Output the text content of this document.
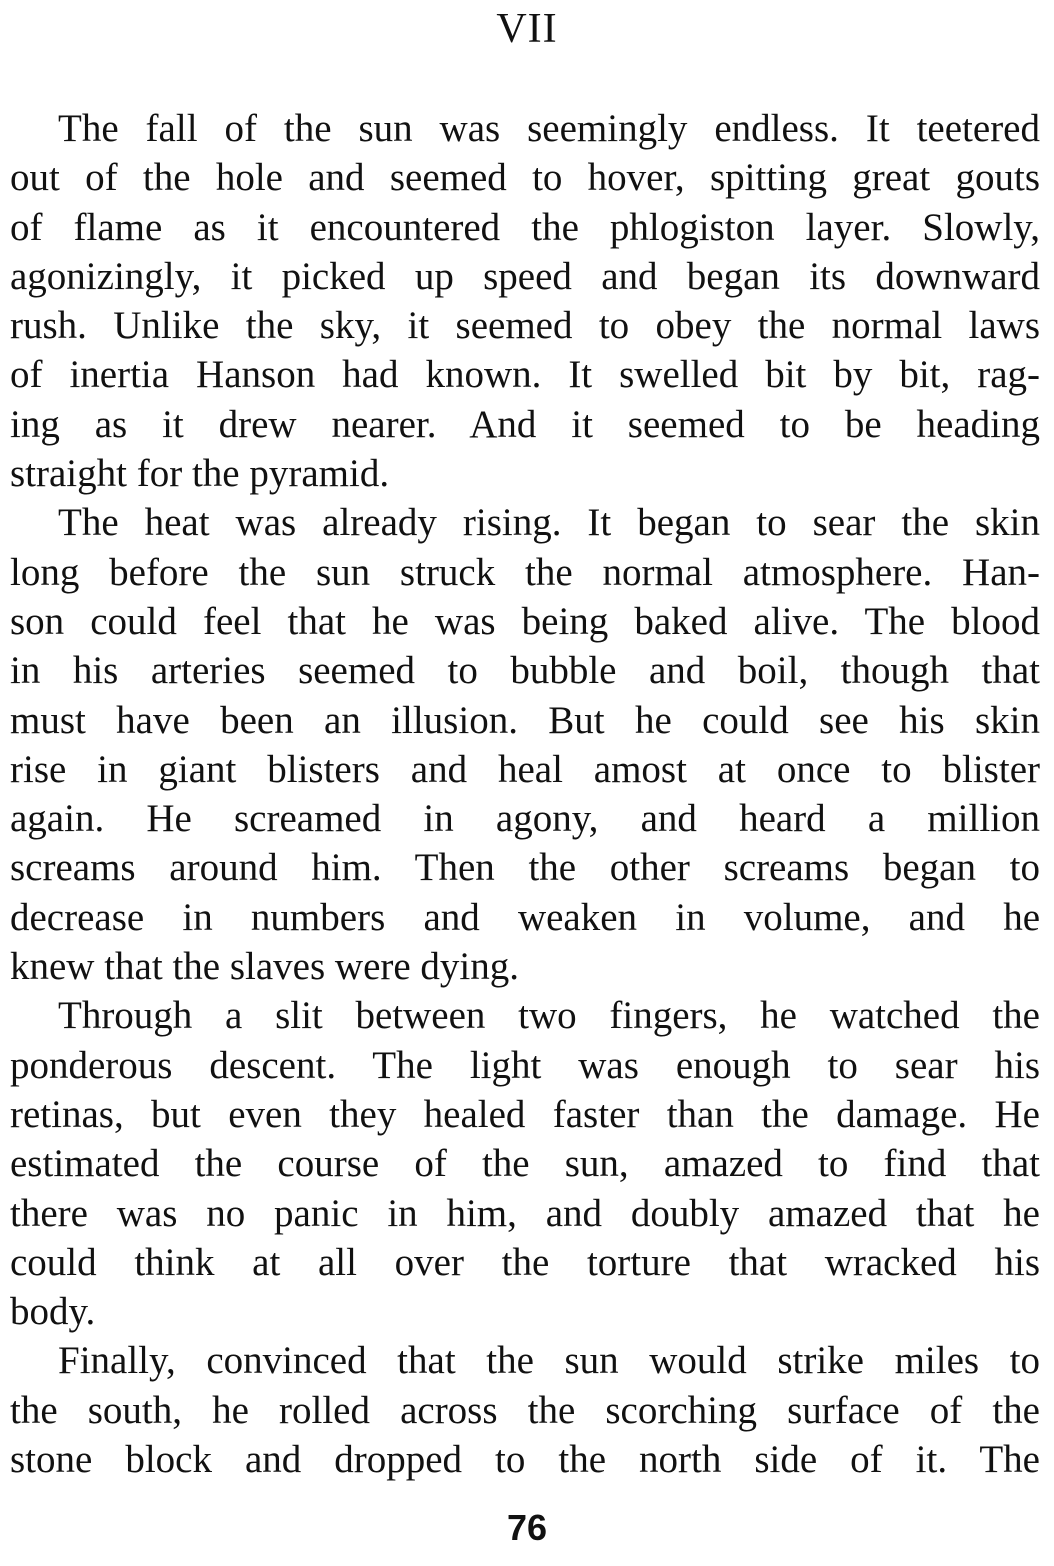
VII
The fall of the sun was seemingly endless. It teetered
out of the hole and seemed to hover, spitting great gouts
of flame as it encountered the phlogiston layer. Slowly,
agonizingly, it picked up speed and began its downward
rush. Unlike the sky, it seemed to obey the normal laws
of inertia Hanson had known. It swelled bit by bit, rag-
ing as it drew nearer. And it seemed to be heading
straight for the pyramid.
The heat was already rising. It began to sear the skin
long before the sun struck the normal atmosphere. Han-
son could feel that he was being baked alive. The blood
in his arteries seemed to bubble and boil, though that
must have been an illusion. But he could see his skin
rise in giant blisters and heal amost at once to blister
again. He screamed in agony, and heard a million
screams around him. Then the other screams began to
decrease in numbers and weaken in volume, and he
knew that the slaves were dying.
Through a slit between two fingers, he watched the
ponderous descent. The light was enough to sear his
retinas, but even they healed faster than the damage. He
estimated the course of the sun, amazed to find that
there was no panic in him, and doubly amazed that he
could think at all over the torture that wracked his
body.
Finally, convinced that the sun would strike miles to
the south, he rolled across the scorching surface of the
stone block and dropped to the north side of it. The
76
